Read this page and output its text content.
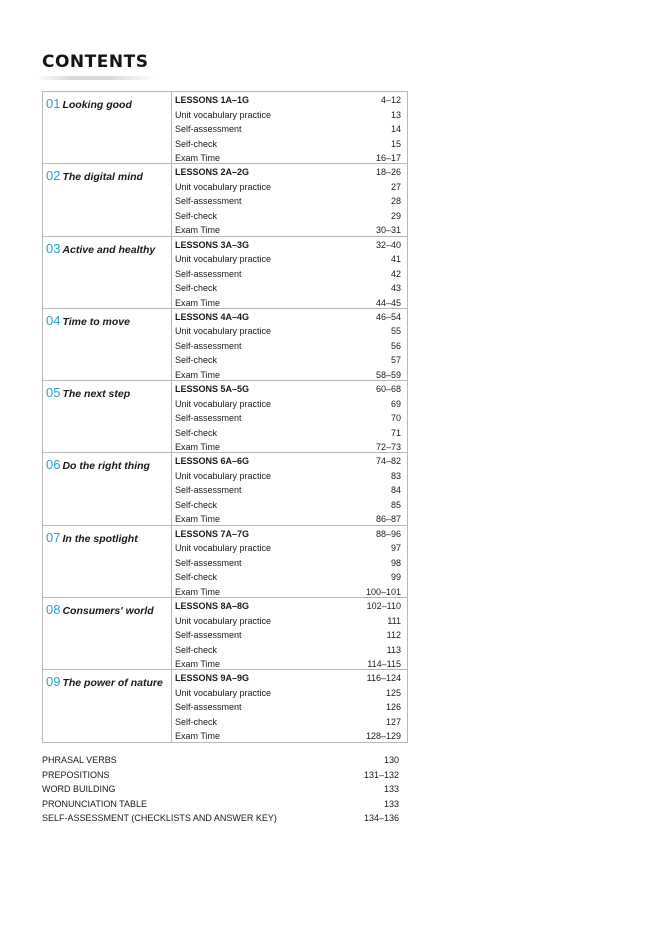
CONTENTS
01 Looking good	LESSONS 1A–1G	4–12
Unit vocabulary practice	13
Self-assessment	14
Self-check	15
Exam Time	16–17
02 The digital mind	LESSONS 2A–2G	18–26
Unit vocabulary practice	27
Self-assessment	28
Self-check	29
Exam Time	30–31
03 Active and healthy	LESSONS 3A–3G	32–40
Unit vocabulary practice	41
Self-assessment	42
Self-check	43
Exam Time	44–45
04 Time to move	LESSONS 4A–4G	46–54
Unit vocabulary practice	55
Self-assessment	56
Self-check	57
Exam Time	58–59
05 The next step	LESSONS 5A–5G	60–68
Unit vocabulary practice	69
Self-assessment	70
Self-check	71
Exam Time	72–73
06 Do the right thing	LESSONS 6A–6G	74–82
Unit vocabulary practice	83
Self-assessment	84
Self-check	85
Exam Time	86–87
07 In the spotlight	LESSONS 7A–7G	88–96
Unit vocabulary practice	97
Self-assessment	98
Self-check	99
Exam Time	100–101
08 Consumers' world	LESSONS 8A–8G	102–110
Unit vocabulary practice	111
Self-assessment	112
Self-check	113
Exam Time	114–115
09 The power of nature	LESSONS 9A–9G	116–124
Unit vocabulary practice	125
Self-assessment	126
Self-check	127
Exam Time	128–129
PHRASAL VERBS	130
PREPOSITIONS	131–132
WORD BUILDING	133
PRONUNCIATION TABLE	133
SELF-ASSESSMENT (CHECKLISTS AND ANSWER KEY)	134–136
